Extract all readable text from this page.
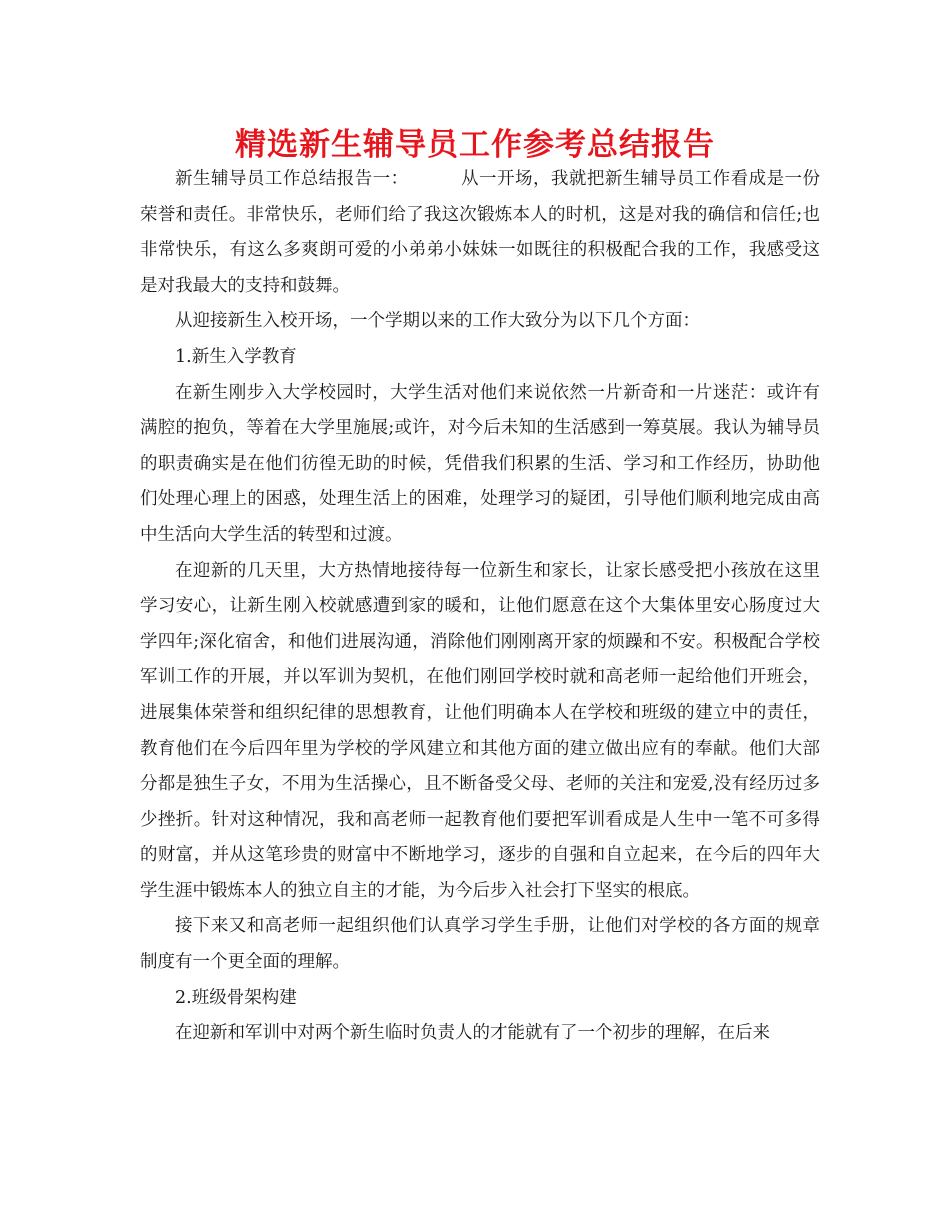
精选新生辅导员工作参考总结报告

新生辅导员工作总结报告一：	从一开场，我就把新生辅导员工作看成是一份荣誉和责任。非常快乐，老师们给了我这次锻炼本人的时机，这是对我的确信和信任;也非常快乐，有这么多爽朗可爱的小弟弟小妹妹一如既往的积极配合我的工作，我感受这是对我最大的支持和鼓舞。

从迎接新生入校开场，一个学期以来的工作大致分为以下几个方面：

1.新生入学教育

在新生刚步入大学校园时，大学生活对他们来说依然一片新奇和一片迷茫：或许有满腔的抱负，等着在大学里施展;或许，对今后未知的生活感到一筹莫展。我认为辅导员的职责确实是在他们彷徨无助的时候，凭借我们积累的生活、学习和工作经历，协助他们处理心理上的困惑，处理生活上的困难，处理学习的疑团，引导他们顺利地完成由高中生活向大学生活的转型和过渡。

在迎新的几天里，大方热情地接待每一位新生和家长，让家长感受把小孩放在这里学习安心，让新生刚入校就感遭到家的暖和，让他们愿意在这个大集体里安心肠度过大学四年;深化宿舍，和他们进展沟通，消除他们刚刚离开家的烦躁和不安。积极配合学校军训工作的开展，并以军训为契机，在他们刚回学校时就和高老师一起给他们开班会，进展集体荣誉和组织纪律的思想教育，让他们明确本人在学校和班级的建立中的责任，教育他们在今后四年里为学校的学风建立和其他方面的建立做出应有的奉献。他们大部分都是独生子女，不用为生活操心，且不断备受父母、老师的关注和宠爱,没有经历过多少挫折。针对这种情况，我和高老师一起教育他们要把军训看成是人生中一笔不可多得的财富，并从这笔珍贵的财富中不断地学习，逐步的自强和自立起来，在今后的四年大学生涯中锻炼本人的独立自主的才能，为今后步入社会打下坚实的根底。

接下来又和高老师一起组织他们认真学习学生手册，让他们对学校的各方面的规章制度有一个更全面的理解。

2.班级骨架构建

在迎新和军训中对两个新生临时负责人的才能就有了一个初步的理解，在后来
